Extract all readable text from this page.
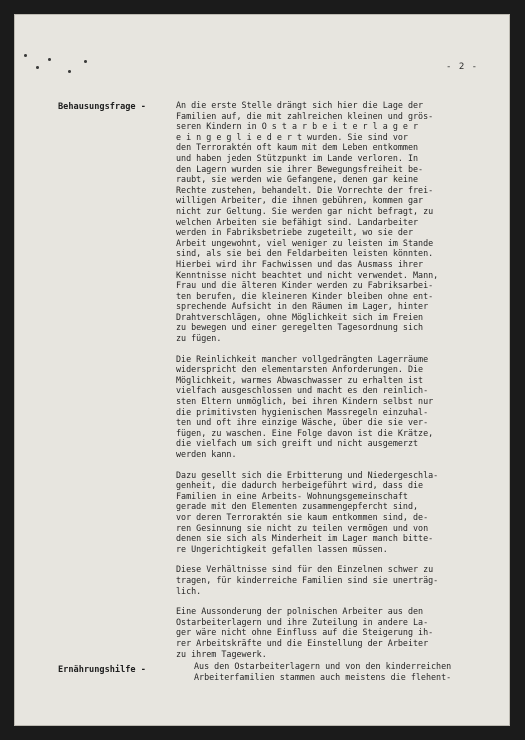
- 2 -
Behausungsfrage -	An die erste Stelle drängt sich hier die Lage der
Familien auf, die mit zahlreichen kleinen und grös-
seren Kindern in O s t a r b e i t e r l a g e r
e i n g e g l i e d e r t wurden. Sie sind vor
den Terroraktén oft kaum mit dem Leben entkommen
und haben jeden Stützpunkt im Lande verloren. In
den Lagern wurden sie ihrer Bewegungsfreiheit be-
raubt, sie werden wie Gefangene, denen gar keine
Rechte zustehen, behandelt. Die Vorrechte der frei-
willigen Arbeiter, die ihnen gebühren, kommen gar
nicht zur Geltung. Sie werden gar nicht befragt, zu
welchen Arbeiten sie befähigt sind. Landarbeiter
werden in Fabriksbetriebe zugeteilt, wo sie der
Arbeit ungewohnt, viel weniger zu leisten im Stande
sind, als sie bei den Feldarbeiten leisten könnten.
Hierbei wird ihr Fachwissen und das Ausmass ihrer
Kenntnisse nicht beachtet und nicht verwendet. Mann,
Frau und die älteren Kinder werden zu Fabriksarbei-
ten berufen, die kleineren Kinder bleiben ohne ent-
sprechende Aufsicht in den Räumen im Lager, hinter
Drahtverschlägen, ohne Möglichkeit sich im Freien
zu bewegen und einer geregelten Tagesordnung sich
zu fügen.

Die Reinlichkeit mancher vollgedrängten Lagerräume
widerspricht den elementarsten Anforderungen. Die
Möglichkeit, warmes Abwaschwasser zu erhalten ist
vielfach ausgeschlossen und macht es den reinlich-
sten Eltern unmöglich, bei ihren Kindern selbst nur
die primitivsten hygienischen Massregeln einzuhal-
ten und oft ihre einzige Wäsche, über die sie ver-
fügen, zu waschen. Eine Folge davon ist die Krätze,
die vielfach um sich greift und nicht ausgemerzt
werden kann.

Dazu gesellt sich die Erbitterung und Niedergeschla-
genheit, die dadurch herbeigeführt wird, dass die
Familien in eine Arbeits- Wohnungsgemeinschaft
gerade mit den Elementen zusammengepfercht sind,
vor deren Terroraktén sie kaum entkommen sind, de-
ren Gesinnung sie nicht zu teilen vermögen und von
denen sie sich als Minderheit im Lager manch bitte-
re Ungerichtigkeit gefallen lassen müssen.

Diese Verhältnisse sind für den Einzelnen schwer zu
tragen, für kinderreiche Familien sind sie unerträg-
lich.

Eine Aussonderung der polnischen Arbeiter aus den
Ostarbeiterlagern und ihre Zuteilung in andere La-
ger wäre nicht ohne Einfluss auf die Steigerung ih-
rer Arbeitskräfte und die Einstellung der Arbeiter
zu ihrem Tagewerk.

Ernährungshilfe -	Aus den Ostarbeiterlagern und von den kinderreichen
Arbeiterfamilien stammen auch meistens die flehent-
